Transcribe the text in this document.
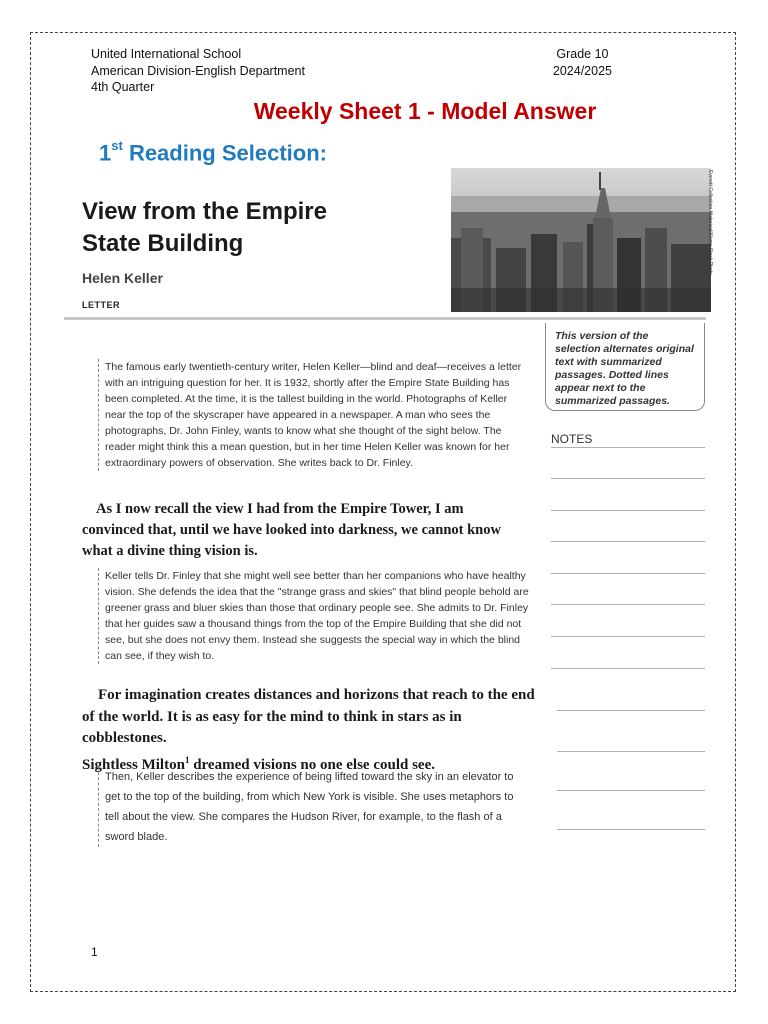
United International School
American Division-English Department
4th Quarter
Grade 10
2024/2025
Weekly Sheet 1 - Model Answer
1st Reading Selection:
View from the Empire
State Building
Helen Keller
LETTER
Everett Collection Historical/Alamy Stock Photo
This version of the selection alternates original text with summarized passages. Dotted lines appear next to the summarized passages.
NOTES
The famous early twentieth-century writer, Helen Keller—blind and deaf—receives a letter with an intriguing question for her. It is 1932, shortly after the Empire State Building has been completed. At the time, it is the tallest building in the world. Photographs of Keller near the top of the skyscraper have appeared in a newspaper. A man who sees the photographs, Dr. John Finley, wants to know what she thought of the sight below. The reader might think this a mean question, but in her time Helen Keller was known for her extraordinary powers of observation. She writes back to Dr. Finley.
As I now recall the view I had from the Empire Tower, I am convinced that, until we have looked into darkness, we cannot know what a divine thing vision is.
Keller tells Dr. Finley that she might well see better than her companions who have healthy vision. She defends the idea that the "strange grass and skies" that blind people behold are greener grass and bluer skies than those that ordinary people see. She admits to Dr. Finley that her guides saw a thousand things from the top of the Empire Building that she did not see, but she does not envy them. Instead she suggests the special way in which the blind can see, if they wish to.
For imagination creates distances and horizons that reach to the end
of the world. It is as easy for the mind to think in stars as in cobblestones.
Sightless Milton$^1$ dreamed visions no one else could see.
Then, Keller describes the experience of being lifted toward the sky in an elevator to get to the top of the building, from which New York is visible. She uses metaphors to tell about the view. She compares the Hudson River, for example, to the flash of a sword blade.
1
